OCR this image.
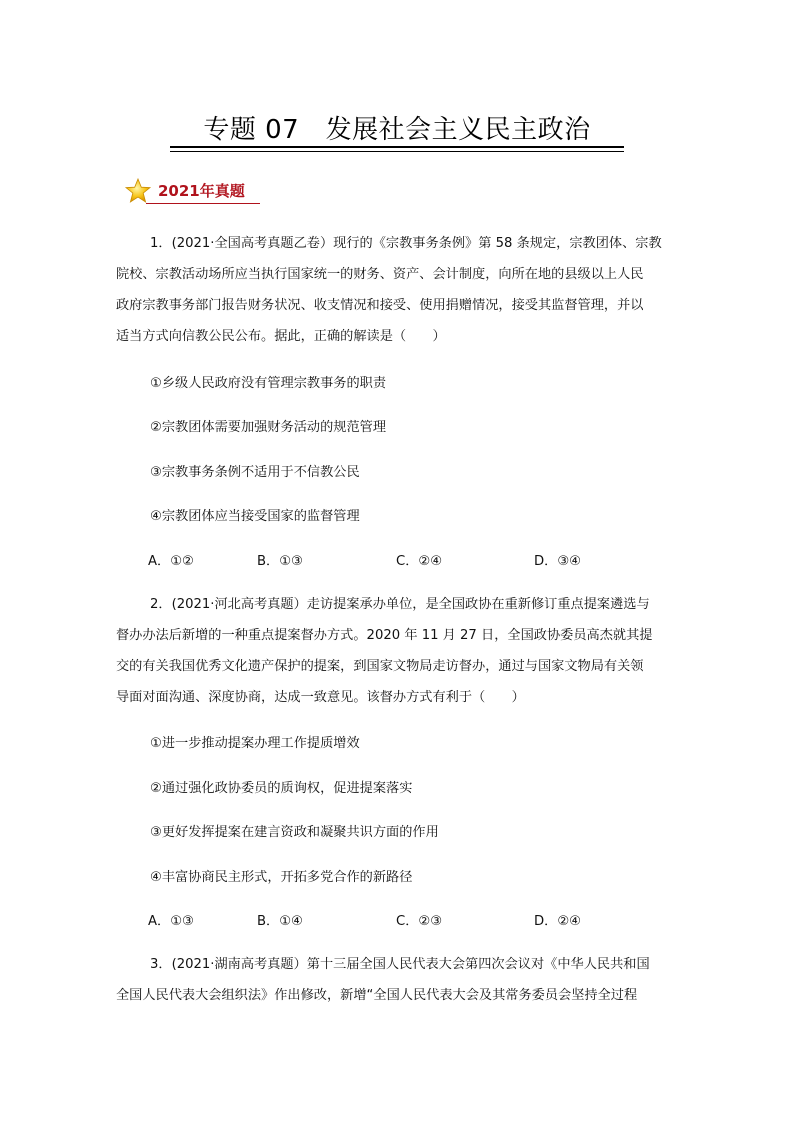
专题 07　发展社会主义民主政治
2021年真题
1．(2021·全国高考真题乙卷）现行的《宗教事务条例》第 58 条规定，宗教团体、宗教
院校、宗教活动场所应当执行国家统一的财务、资产、会计制度，向所在地的县级以上人民
政府宗教事务部门报告财务状况、收支情况和接受、使用捐赠情况，接受其监督管理，并以
适当方式向信教公民公布。据此，正确的解读是（　　）
①乡级人民政府没有管理宗教事务的职责
②宗教团体需要加强财务活动的规范管理
③宗教事务条例不适用于不信教公民
④宗教团体应当接受国家的监督管理
A．①②	B．①③	C．②④	D．③④
2．(2021·河北高考真题）走访提案承办单位，是全国政协在重新修订重点提案遴选与
督办办法后新增的一种重点提案督办方式。2020 年 11 月 27 日，全国政协委员高杰就其提
交的有关我国优秀文化遗产保护的提案，到国家文物局走访督办，通过与国家文物局有关领
导面对面沟通、深度协商，达成一致意见。该督办方式有利于（　　）
①进一步推动提案办理工作提质增效
②通过强化政协委员的质询权，促进提案落实
③更好发挥提案在建言资政和凝聚共识方面的作用
④丰富协商民主形式，开拓多党合作的新路径
A．①③	B．①④	C．②③	D．②④
3．(2021·湖南高考真题）第十三届全国人民代表大会第四次会议对《中华人民共和国
全国人民代表大会组织法》作出修改，新增“全国人民代表大会及其常务委员会坚持全过程
